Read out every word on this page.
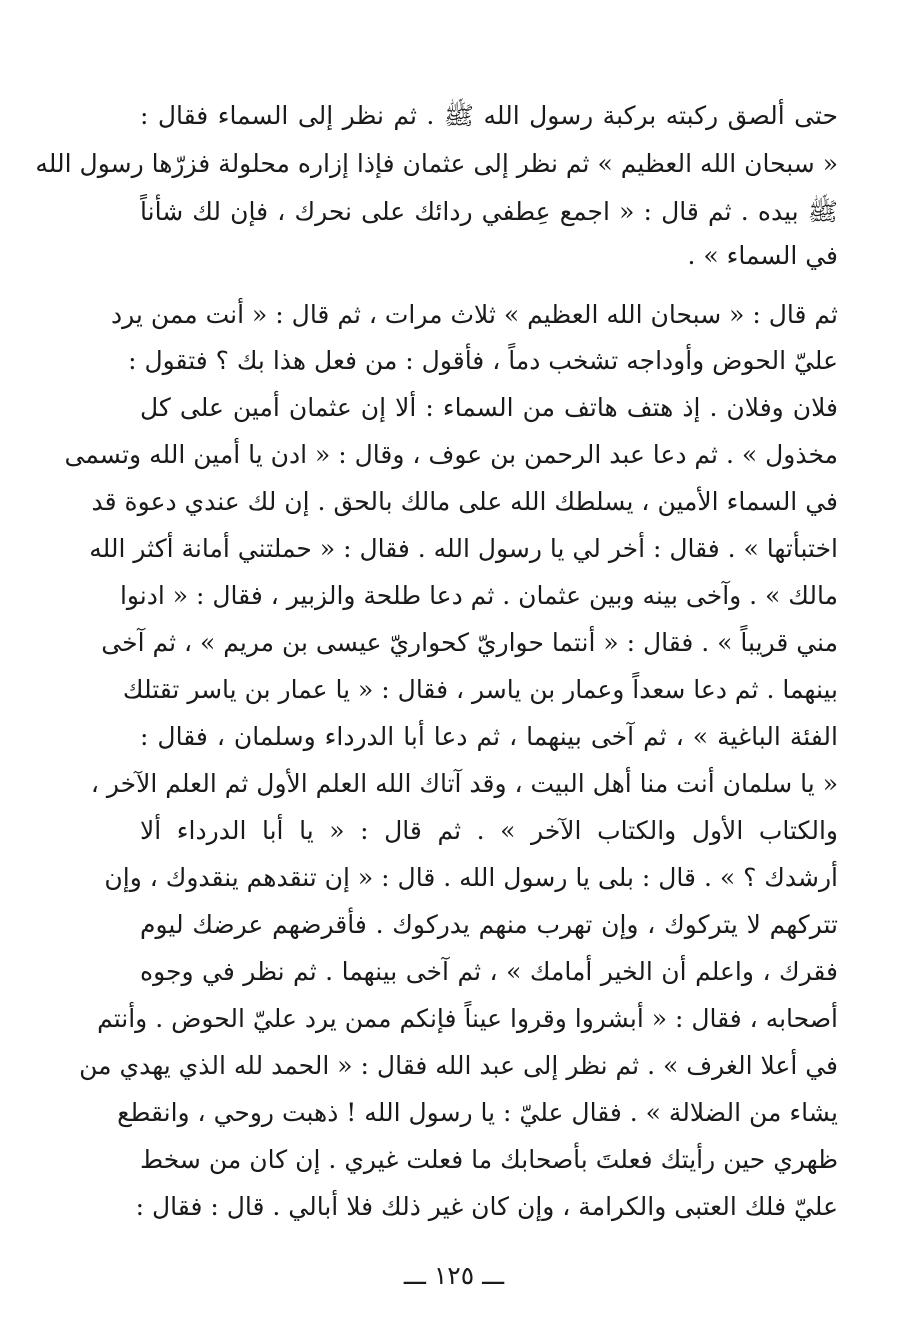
حتى ألصق ركبته بركبة رسول الله ﷺ . ثم نظر إلى السماء فقال :
« سبحان الله العظيم » ثم نظر إلى عثمان فإذا إزاره محلولة فزرّها رسول الله
ﷺ بيده . ثم قال : « اجمع عِطفي ردائك على نحرك ، فإن لك شأناً
في السماء » .
ثم قال : « سبحان الله العظيم » ثلاث مرات ، ثم قال : « أنت ممن يرد
عليّ الحوض وأوداجه تشخب دماً ، فأقول : من فعل هذا بك ؟ فتقول :
فلان وفلان . إذ هتف هاتف من السماء : ألا إن عثمان أمين على كل
مخذول » . ثم دعا عبد الرحمن بن عوف ، وقال : « ادن يا أمين الله وتسمى
في السماء الأمين ، يسلطك الله على مالك بالحق . إن لك عندي دعوة قد
اختبأتها » . فقال : أخر لي يا رسول الله . فقال : « حملتني أمانة أكثر الله
مالك » . وآخى بينه وبين عثمان . ثم دعا طلحة والزبير ، فقال : « ادنوا
مني قريباً » . فقال : « أنتما حواريّ كحواريّ عيسى بن مريم » ، ثم آخى
بينهما . ثم دعا سعداً وعمار بن ياسر ، فقال : « يا عمار بن ياسر تقتلك
الفئة الباغية » ، ثم آخى بينهما ، ثم دعا أبا الدرداء وسلمان ، فقال :
« يا سلمان أنت منا أهل البيت ، وقد آتاك الله العلم الأول ثم العلم الآخر ،
والكتاب الأول والكتاب الآخر » . ثم قال : « يا أبا الدرداء ألا
أرشدك ؟ » . قال : بلى يا رسول الله . قال : « إن تنقدهم ينقدوك ، وإن
تتركهم لا يتركوك ، وإن تهرب منهم يدركوك . فأقرضهم عرضك ليوم
فقرك ، واعلم أن الخير أمامك » ، ثم آخى بينهما . ثم نظر في وجوه
أصحابه ، فقال : « أبشروا وقروا عيناً فإنكم ممن يرد عليّ الحوض . وأنتم
في أعلا الغرف » . ثم نظر إلى عبد الله فقال : « الحمد لله الذي يهدي من
يشاء من الضلالة » . فقال عليّ : يا رسول الله ! ذهبت روحي ، وانقطع
ظهري حين رأيتك فعلتَ بأصحابك ما فعلت غيري . إن كان من سخط
عليّ فلك العتبى والكرامة ، وإن كان غير ذلك فلا أبالي . قال : فقال :
ـــ ١٢٥ ـــ
